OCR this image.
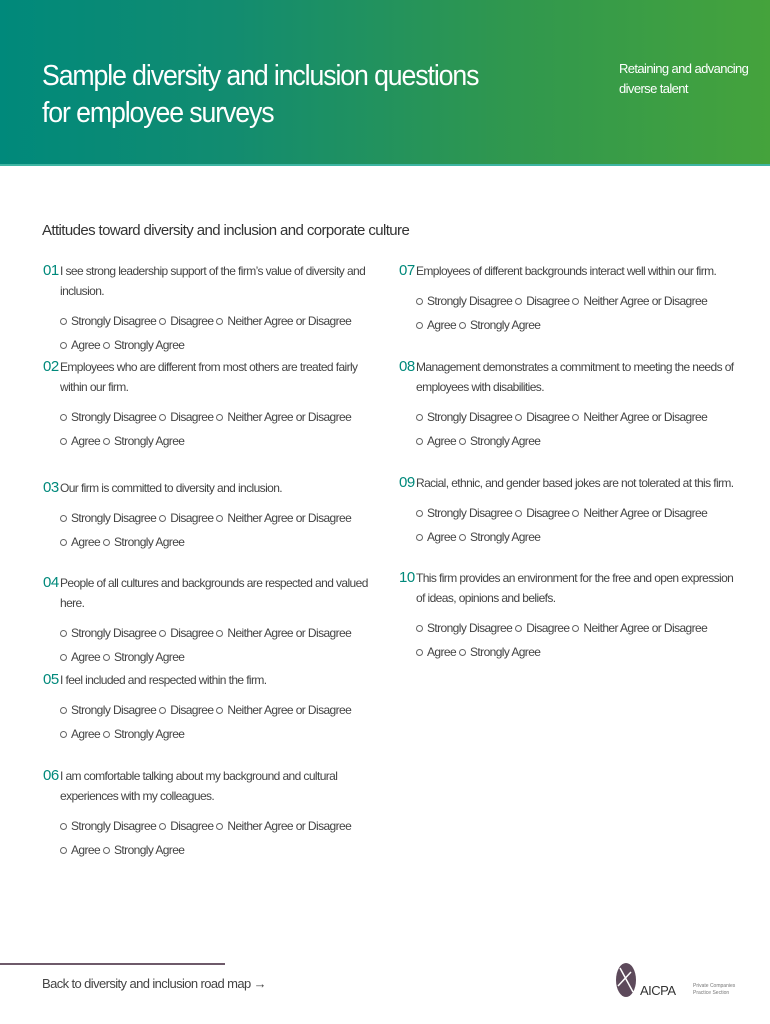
Sample diversity and inclusion questions
for employee surveys
Retaining and advancing
diverse talent
Attitudes toward diversity and inclusion and corporate culture
01 I see strong leadership support of the firm’s value of diversity and inclusion.
Strongly Disagree Disagree Neither Agree or Disagree
Agree Strongly Agree
02 Employees who are different from most others are treated fairly within our firm.
Strongly Disagree Disagree Neither Agree or Disagree
Agree Strongly Agree
03 Our firm is committed to diversity and inclusion.
Strongly Disagree Disagree Neither Agree or Disagree
Agree Strongly Agree
04 People of all cultures and backgrounds are respected and valued here.
Strongly Disagree Disagree Neither Agree or Disagree
Agree Strongly Agree
05 I feel included and respected within the firm.
Strongly Disagree Disagree Neither Agree or Disagree
Agree Strongly Agree
06 I am comfortable talking about my background and cultural experiences with my colleagues.
Strongly Disagree Disagree Neither Agree or Disagree
Agree Strongly Agree
07 Employees of different backgrounds interact well within our firm.
Strongly Disagree Disagree Neither Agree or Disagree
Agree Strongly Agree
08 Management demonstrates a commitment to meeting the needs of employees with disabilities.
Strongly Disagree Disagree Neither Agree or Disagree
Agree Strongly Agree
09 Racial, ethnic, and gender based jokes are not tolerated at this firm.
Strongly Disagree Disagree Neither Agree or Disagree
Agree Strongly Agree
10 This firm provides an environment for the free and open expression of ideas, opinions and beliefs.
Strongly Disagree Disagree Neither Agree or Disagree
Agree Strongly Agree
Back to diversity and inclusion road map →	AICPA	Private Companies
Practice Section
